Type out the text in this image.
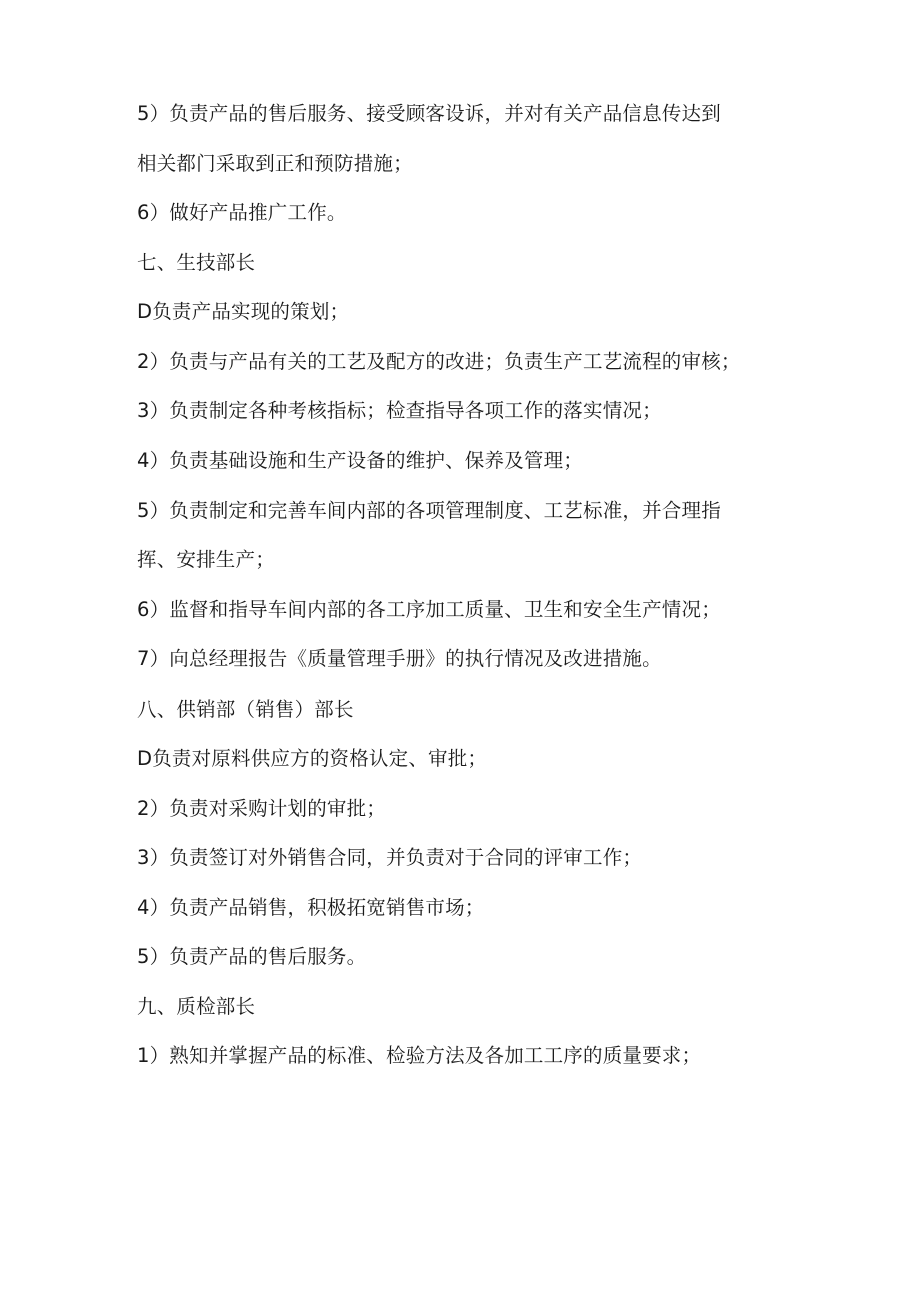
5）负责产品的售后服务、接受顾客设诉，并对有关产品信息传达到

相关都门采取到正和预防措施；

6）做好产品推广工作。

七、生技部长

D负责产品实现的策划；

2）负责与产品有关的工艺及配方的改进；负责生产工艺流程的审核；

3）负责制定各种考核指标；检查指导各项工作的落实情况；

4）负责基础设施和生产设备的维护、保养及管理；

5）负责制定和完善车间内部的各项管理制度、工艺标准，并合理指

挥、安排生产；

6）监督和指导车间内部的各工序加工质量、卫生和安全生产情况；

7）向总经理报告《质量管理手册》的执行情况及改进措施。

八、供销部（销售）部长

D负责对原料供应方的资格认定、审批；

2）负责对采购计划的审批；

3）负责签订对外销售合同，并负责对于合同的评审工作；

4）负责产品销售，积极拓宽销售市场；

5）负责产品的售后服务。

九、质检部长

1）熟知并掌握产品的标准、检验方法及各加工工序的质量要求；
